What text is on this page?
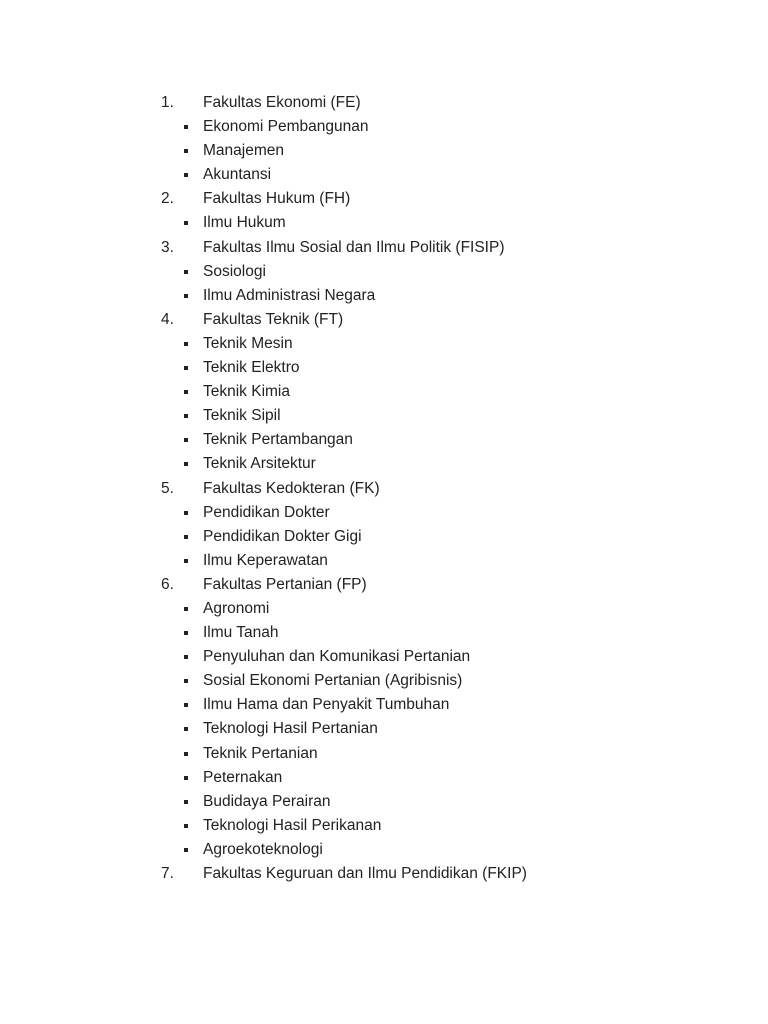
1. Fakultas Ekonomi (FE)
Ekonomi Pembangunan
Manajemen
Akuntansi
2. Fakultas Hukum (FH)
Ilmu Hukum
3. Fakultas Ilmu Sosial dan Ilmu Politik (FISIP)
Sosiologi
Ilmu Administrasi Negara
4. Fakultas Teknik (FT)
Teknik Mesin
Teknik Elektro
Teknik Kimia
Teknik Sipil
Teknik Pertambangan
Teknik Arsitektur
5. Fakultas Kedokteran (FK)
Pendidikan Dokter
Pendidikan Dokter Gigi
Ilmu Keperawatan
6. Fakultas Pertanian (FP)
Agronomi
Ilmu Tanah
Penyuluhan dan Komunikasi Pertanian
Sosial Ekonomi Pertanian (Agribisnis)
Ilmu Hama dan Penyakit Tumbuhan
Teknologi Hasil Pertanian
Teknik Pertanian
Peternakan
Budidaya Perairan
Teknologi Hasil Perikanan
Agroekoteknologi
7. Fakultas Keguruan dan Ilmu Pendidikan (FKIP)
